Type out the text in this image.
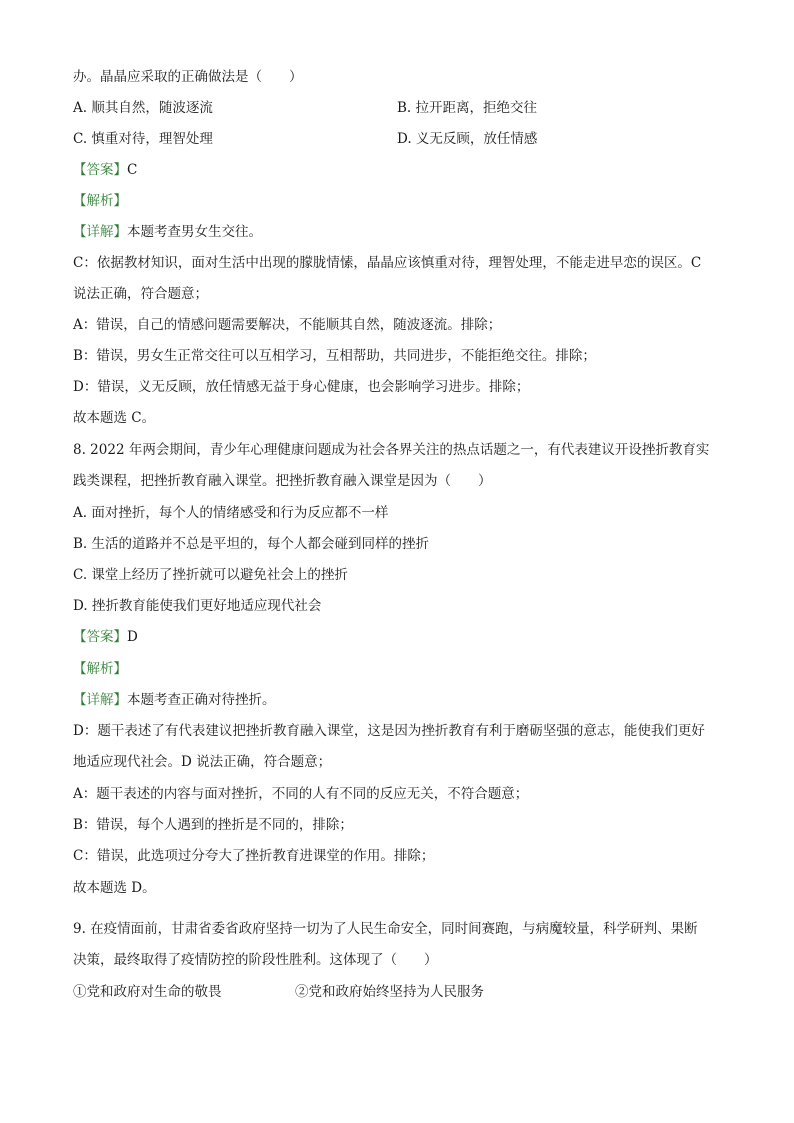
办。晶晶应采取的正确做法是（　　）
A. 顺其自然，随波逐流	B. 拉开距离，拒绝交往
C. 慎重对待，理智处理	D. 义无反顾，放任情感
【答案】C
【解析】
【详解】本题考查男女生交往。
C：依据教材知识，面对生活中出现的朦胧情愫，晶晶应该慎重对待，理智处理，不能走进早恋的误区。C
说法正确，符合题意；
A：错误，自己的情感问题需要解决，不能顺其自然，随波逐流。排除；
B：错误，男女生正常交往可以互相学习，互相帮助，共同进步，不能拒绝交往。排除；
D：错误，义无反顾，放任情感无益于身心健康，也会影响学习进步。排除；
故本题选 C。
8. 2022 年两会期间，青少年心理健康问题成为社会各界关注的热点话题之一，有代表建议开设挫折教育实
践类课程，把挫折教育融入课堂。把挫折教育融入课堂是因为（　　）
A. 面对挫折，每个人的情绪感受和行为反应都不一样
B. 生活的道路并不总是平坦的，每个人都会碰到同样的挫折
C. 课堂上经历了挫折就可以避免社会上的挫折
D. 挫折教育能使我们更好地适应现代社会
【答案】D
【解析】
【详解】本题考查正确对待挫折。
D：题干表述了有代表建议把挫折教育融入课堂，这是因为挫折教育有利于磨砺坚强的意志，能使我们更好
地适应现代社会。D 说法正确，符合题意；
A：题干表述的内容与面对挫折，不同的人有不同的反应无关，不符合题意；
B：错误，每个人遇到的挫折是不同的，排除；
C：错误，此选项过分夸大了挫折教育进课堂的作用。排除；
故本题选 D。
9. 在疫情面前，甘肃省委省政府坚持一切为了人民生命安全，同时间赛跑，与病魔较量，科学研判、果断
决策，最终取得了疫情防控的阶段性胜利。这体现了（　　）
①党和政府对生命的敬畏	②党和政府始终坚持为人民服务
